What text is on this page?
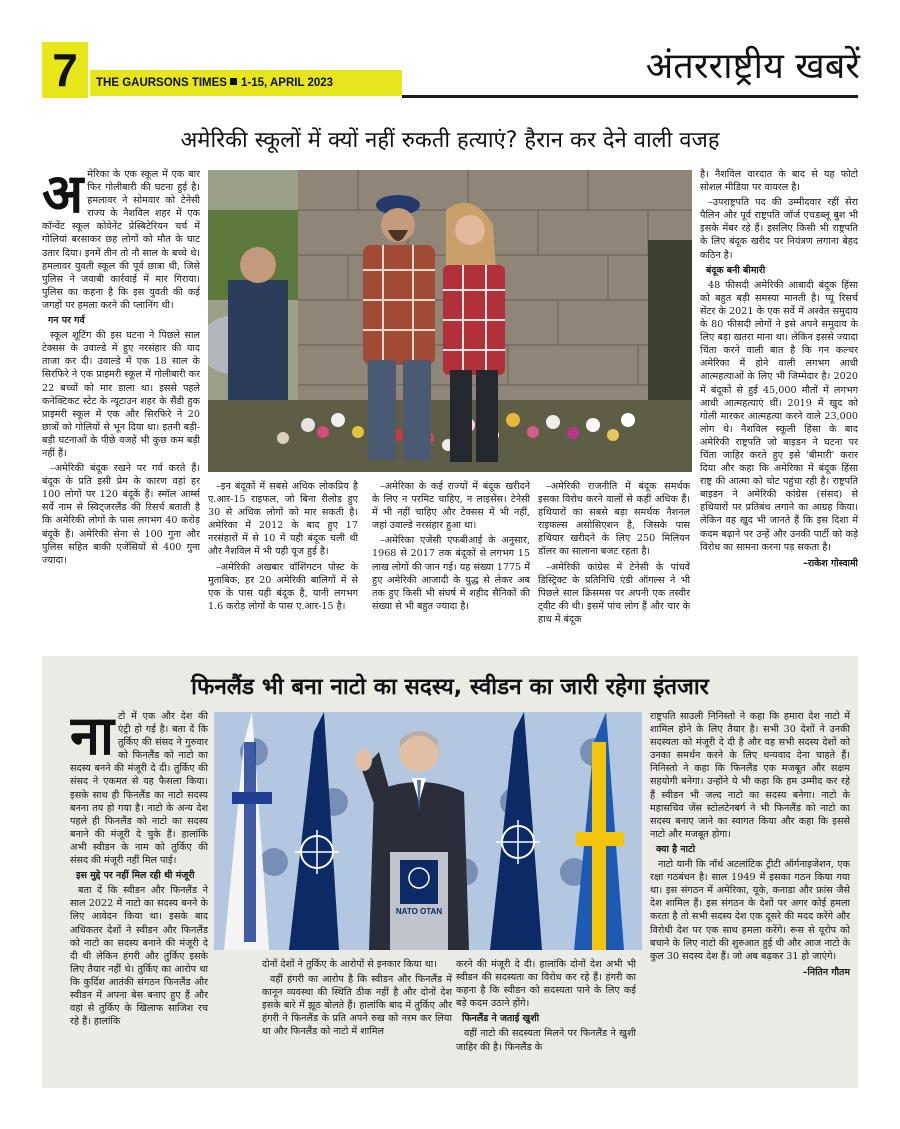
7	THE GAURSONS TIMES 1-15, APRIL 2023	अंतरराष्ट्रीय खबरें
अमेरिकी स्कूलों में क्यों नहीं रुकती हत्याएं? हैरान कर देने वाली वजह
अ मेरिका के एक स्कूल में एक बार फिर गोलीबारी की घटना हुई है। हमलावर ने सोमवार को टेनेसी राज्य के नैशविल शहर में एक कॉन्वेंट स्कूल कोवेनेंट प्रेस्बिटेरियन चर्च में गोलियां बरसाकर छह लोगों को मौत के घाट उतार दिया। इनमें तीन तो नौ साल के बच्चे थे। हमलावर युवती स्कूल की पूर्व छात्रा थी, जिसे पुलिस ने जवाबी कार्रवाई में मार गिराया। पुलिस का कहना है कि इस युवती की कई जगहों पर हमला करने की प्लानिंग थी।

गन पर गर्व

स्कूल शूटिंग की इस घटना ने पिछले साल टेक्सस के उवाल्डे में हुए नरसंहार की याद ताजा कर दी। उवाल्डे में एक 18 साल के सिरफिरे ने एक प्राइमरी स्कूल में गोलीबारी कर 22 बच्चों को मार डाला था। इससे पहले कनेक्टिकट स्टेट के न्यूटाउन शहर के सैंडी हुक प्राइमरी स्कूल में एक और सिरफिरे ने 20 छात्रों को गोलियों से भून दिया था। इतनी बड़ी-बड़ी घटनाओं के पीछे वजहें भी कुछ कम बड़ी नहीं हैं।

–अमेरिकी बंदूक रखने पर गर्व करते हैं। बंदूक के प्रति इसी प्रेम के कारण वहां हर 100 लोगों पर 120 बंदूकें हैं। स्मॉल आर्म्स सर्वे नाम से स्विट्जरलैंड की रिसर्च बताती है कि अमेरिकी लोगों के पास लगभग 40 करोड़ बंदूकें हैं। अमेरिकी सेना से 100 गुना और पुलिस सहित बाकी एजेंसियों से 400 गुना ज्यादा।

–इन बंदूकों में सबसे अधिक लोकप्रिय है ए.आर-15 राइफल, जो बिना रीलोड हुए 30 से अधिक लोगों को मार सकती है। अमेरिका में 2012 के बाद हुए 17 नरसंहारों में से 10 में यही बंदूक चली थी और नैशविल में भी यही यूज हुई है।

–अमेरिकी अखबार वॉशिंगटन पोस्ट के मुताबिक, हर 20 अमेरिकी बालिगों में से एक के पास यही बंदूक है, यानी लगभग 1.6 करोड़ लोगों के पास ए.आर-15 है।

–अमेरिका के कई राज्यों में बंदूक खरीदने के लिए न परमिट चाहिए, न लाइसेंस। टेनेसी में भी नहीं चाहिए और टेक्सस में भी नहीं, जहां उवाल्डे नरसंहार हुआ था।

–अमेरिका एजेंसी एफबीआई के अनुसार, 1968 से 2017 तक बंदूकों से लगभग 15 लाख लोगों की जान गई। यह संख्या 1775 में हुए अमेरिकी आजादी के युद्ध से लेकर अब तक हुए किसी भी संघर्ष में शहीद सैनिकों की संख्या से भी बहुत ज्यादा है।

–अमेरिकी राजनीति में बंदूक समर्थक इसका विरोध करने वालों से कहीं अधिक हैं। हथियारों का सबसे बड़ा समर्थक नैशनल राइफल्स असोसिएशन है, जिसके पास हथियार खरीदने के लिए 250 मिलियन डॉलर का सालाना बजट रहता है।

–अमेरिकी कांग्रेस में टेनेसी के पांचवें डिस्ट्रिक्ट के प्रतिनिधि एंडी ऑगल्स ने भी पिछले साल क्रिसमस पर अपनी एक तस्वीर ट्वीट की थी। इसमें पांच लोग हैं और चार के हाथ में बंदूक

है। नैशविल वारदात के बाद से यह फोटो सोशल मीडिया पर वायरल है।

–उपराष्ट्रपति पद की उम्मीदवार रहीं सेरा पैलिन और पूर्व राष्ट्रपति जॉर्ज एचडब्लू बुश भी इसके मेंबर रहे हैं। इसलिए किसी भी राष्ट्रपति के लिए बंदूक खरीद पर नियंत्रण लगाना बेहद कठिन है।

बंदूक बनी बीमारी

48 फीसदी अमेरिकी आबादी बंदूक हिंसा को बहुत बड़ी समस्या मानती है। प्यू रिसर्च सेंटर के 2021 के एक सर्वे में अश्वेत समुदाय के 80 फीसदी लोगों ने इसे अपने समुदाय के लिए बड़ा खतरा माना था। लेकिन इससे ज्यादा चिंता करने वाली बात है कि गन कल्चर अमेरिका में होने वाली लगभग आधी आत्महत्याओं के लिए भी जिम्मेदार है। 2020 में बंदूकों से हुई 45,000 मौतों में लगभग आधी आत्महत्याएं थीं। 2019 में खुद को गोली मारकर आत्महत्या करने वाले 23,000 लोग थे। नैशविल स्कूली हिंसा के बाद अमेरिकी राष्ट्रपति जो बाइडन ने घटना पर चिंता जाहिर करते हुए इसे 'बीमारी' करार दिया और कहा कि अमेरिका में बंदूक हिंसा राष्ट्र की आत्मा को चोट पहुंचा रही है। राष्ट्रपति बाइडन ने अमेरिकी कांग्रेस (संसद) से हथियारों पर प्रतिबंध लगाने का आग्रह किया। लेकिन वह खुद भी जानते हैं कि इस दिशा में कदम बढ़ाने पर उन्हें और उनकी पार्टी को कड़े विरोध का सामना करना पड़ सकता है।

–राकेश गोस्वामी
फिनलैंड भी बना नाटो का सदस्य, स्वीडन का जारी रहेगा इंतजार
ना टो में एक और देश की एंट्री हो गई है। बता दें कि तुर्किए की संसद ने गुरुवार को फिनलैंड को नाटो का सदस्य बनने की मंजूरी दे दी। तुर्किए की संसद ने एकमत से यह फैसला किया। इसके साथ ही फिनलैंड का नाटो सदस्य बनना तय हो गया है। नाटो के अन्य देश पहले ही फिनलैंड को नाटो का सदस्य बनाने की मंजूरी दे चुके हैं। हालांकि अभी स्वीडन के नाम को तुर्किए की संसद की मंजूरी नहीं मिल पाई।

इस मुद्दे पर नहीं मिल रही थी मंजूरी

बता दें कि स्वीडन और फिनलैंड ने साल 2022 में नाटो का सदस्य बनने के लिए आवेदन किया था। इसके बाद अधिकतर देशों ने स्वीडन और फिनलैंड को नाटो का सदस्य बनाने की मंजूरी दे दी थी लेकिन हंगरी और तुर्किए इसके लिए तैयार नहीं थे। तुर्किए का आरोप था कि कुर्दिश आतंकी संगठन फिनलैंड और स्वीडन में अपना बेस बनाए हुए हैं और वहां से तुर्किए के खिलाफ साजिश रच रहे हैं। हालांकि

NATO OTAN

दोनों देशों ने तुर्किए के आरोपों से इनकार किया था।

वहीं हंगरी का आरोप है कि स्वीडन और फिनलैंड में कानून व्यवस्था की स्थिति ठीक नहीं है और दोनों देश इसके बारे में झूठ बोलते हैं। हालांकि बाद में तुर्किए और हंगरी ने फिनलैंड के प्रति अपने रुख को नरम कर लिया था और फिनलैंड को नाटो में शामिल

करने की मंजूरी दे दी। हालांकि दोनों देश अभी भी स्वीडन की सदस्यता का विरोध कर रहे हैं। हंगरी का कहना है कि स्वीडन को सदस्यता पाने के लिए कई बड़े कदम उठाने होंगे।

फिनलैंड ने जताई खुशी

वहीं नाटो की सदस्यता मिलने पर फिनलैंड ने खुशी जाहिर की है। फिनलैंड के

राष्ट्रपति साउली निनिस्तो ने कहा कि हमारा देश नाटो में शामिल होने के लिए तैयार है। सभी 30 देशों ने उनकी सदस्यता को मंजूरी दे दी है और वह सभी सदस्य देशों को उनका समर्थन करने के लिए धन्यवाद देना चाहते हैं। निनिस्तो ने कहा कि फिनलैंड एक मजबूत और सक्षम सहयोगी बनेगा। उन्होंने ये भी कहा कि हम उम्मीद कर रहे हैं स्वीडन भी जल्द नाटो का सदस्य बनेगा। नाटो के महासचिव जेंस स्टोलटेनबर्ग ने भी फिनलैंड को नाटो का सदस्य बनाए जाने का स्वागत किया और कहा कि इससे नाटो और मजबूत होगा।

क्या है नाटो

नाटो यानी कि नॉर्थ अटलांटिक ट्रीटी ऑर्गनाइजेशन, एक रक्षा गठबंधन है। साल 1949 में इसका गठन किया गया था। इस संगठन में अमेरिका, यूके, कनाडा और फ्रांस जैसे देश शामिल हैं। इस संगठन के देशों पर अगर कोई हमला करता है तो सभी सदस्य देश एक दूसरे की मदद करेंगे और विरोधी देश पर एक साथ हमला करेंगे। रूस से यूरोप को बचाने के लिए नाटो की शुरुआत हुई थी और आज नाटो के कुल 30 सदस्य देश हैं। जो अब बढ़कर 31 हो जाएंगे।

–नितिन गौतम
